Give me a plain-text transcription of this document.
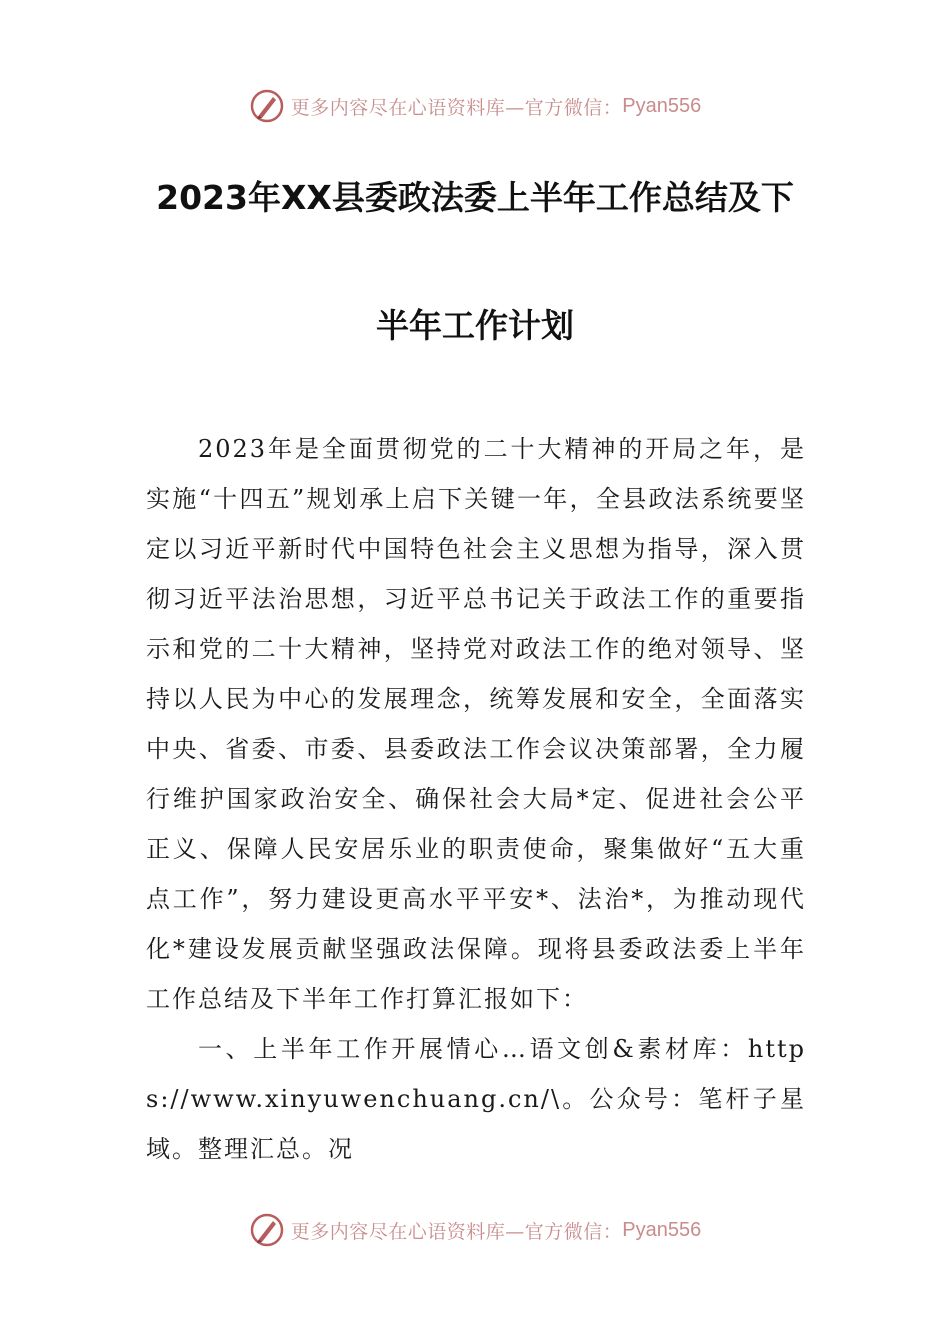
更多内容尽在心语资料库—官方微信： Pyan556
2023年XX县委政法委上半年工作总结及下
半年工作计划

2023年是全面贯彻党的二十大精神的开局之年，是实施“十四五”规划承上启下关键一年，全县政法系统要坚定以习近平新时代中国特色社会主义思想为指导，深入贯彻习近平法治思想，习近平总书记关于政法工作的重要指示和党的二十大精神，坚持党对政法工作的绝对领导、坚持以人民为中心的发展理念，统筹发展和安全，全面落实中央、省委、市委、县委政法工作会议决策部署，全力履行维护国家政治安全、确保社会大局*定、促进社会公平正义、保障人民安居乐业的职责使命，聚集做好“五大重点工作”，努力建设更高水平平安*、法治*，为推动现代化*建设发展贡献坚强政法保障。现将县委政法委上半年工作总结及下半年工作打算汇报如下：

一、上半年工作开展情心…语文创&素材库：https://www.xinyuwenchuang.cn/\。公众号：笔杆子星域。整理汇总。况

更多内容尽在心语资料库—官方微信： Pyan556
